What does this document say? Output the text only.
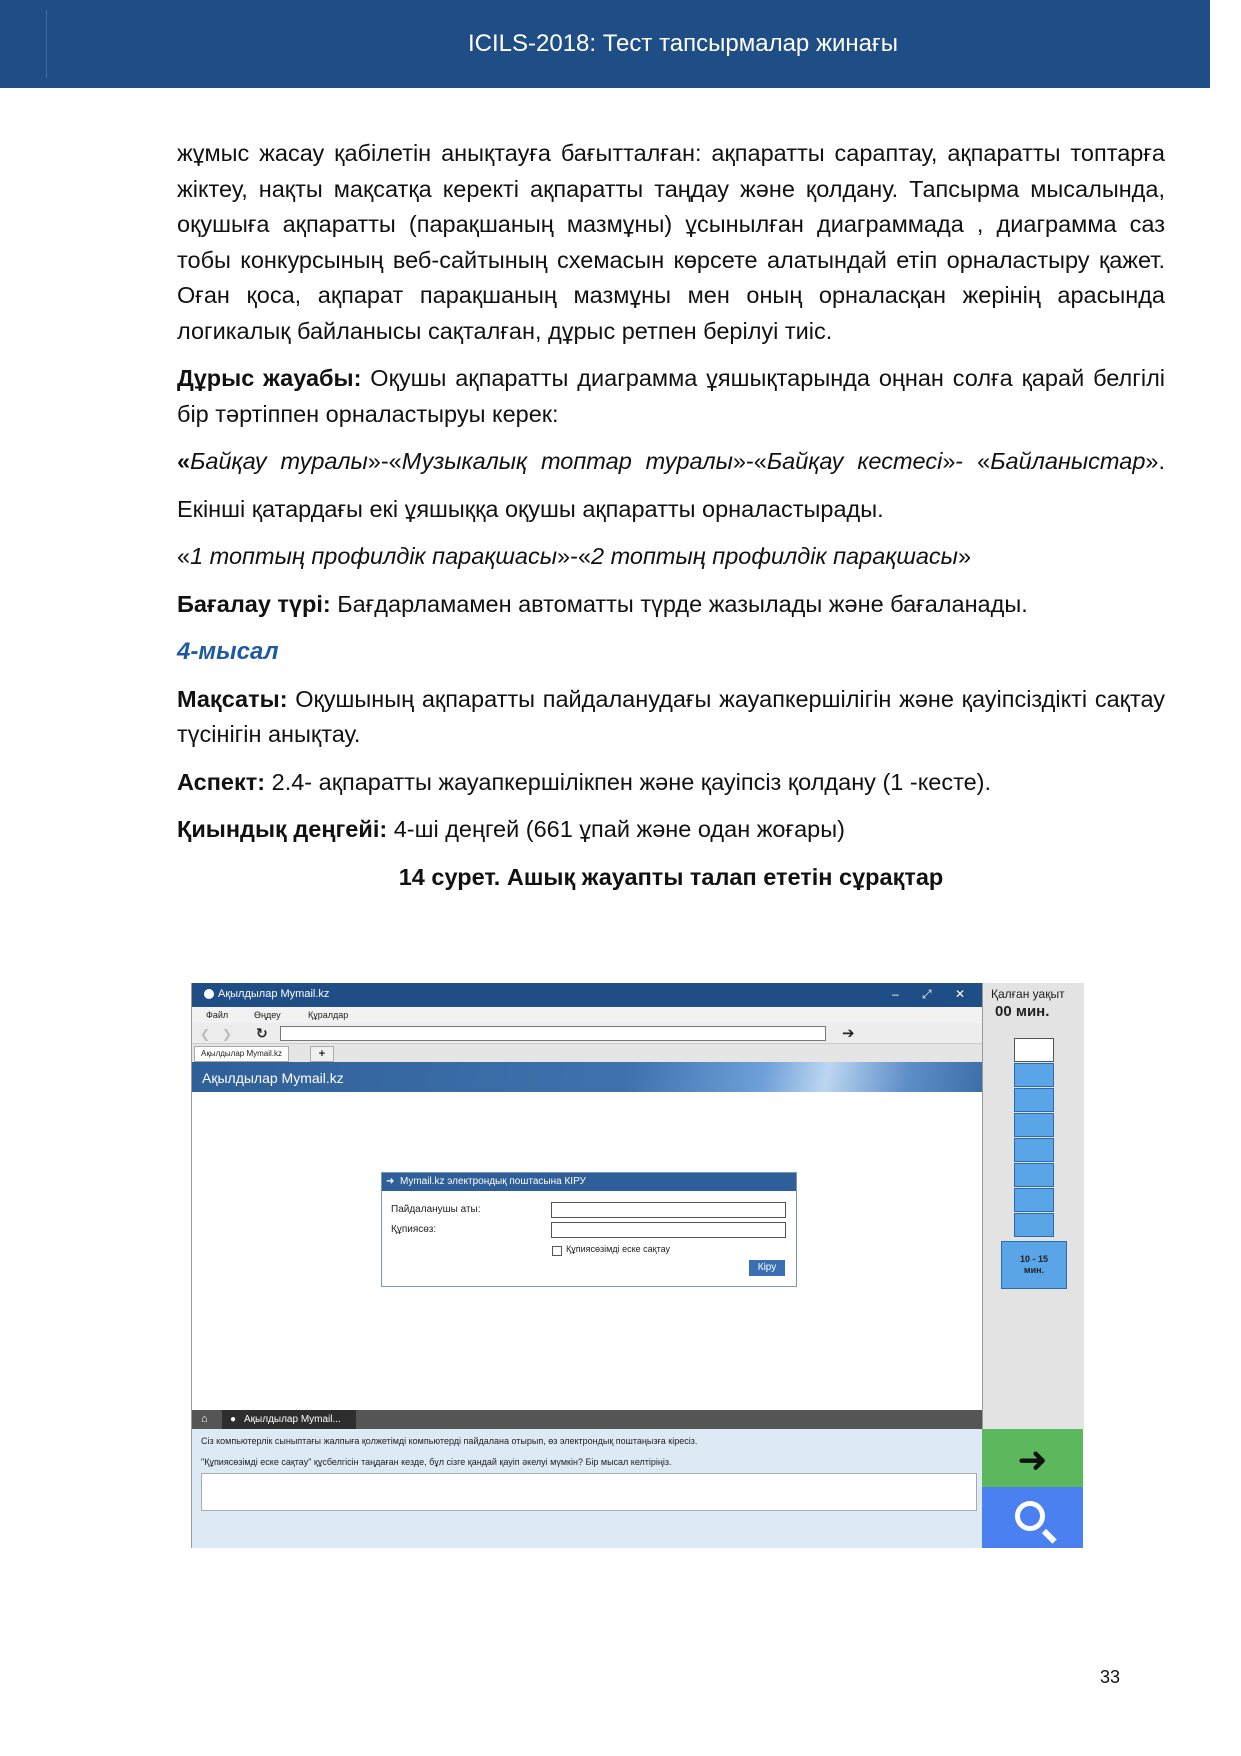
ICILS-2018: Тест тапсырмалар жинағы

жұмыс жасау қабілетін анықтауға бағытталған: ақпаратты сараптау, ақпаратты топтарға жіктеу, нақты мақсатқа керекті ақпаратты таңдау және қолдану. Тапсырма мысалында, оқушыға ақпаратты (парақшаның мазмұны) ұсынылған диаграммада , диаграмма саз тобы конкурсының веб-сайтының схемасын көрсете алатындай етіп орналастыру қажет. Оған қоса, ақпарат парақшаның мазмұны мен оның орналасқан жерінің арасында логикалық байланысы сақталған, дұрыс ретпен берілуі тиіс.

Дұрыс жауабы: Оқушы ақпаратты диаграмма ұяшықтарында оңнан солға қарай белгілі бір тәртіппен орналастыруы керек:

«Байқау туралы»-«Музыкалық топтар туралы»-«Байқау кестесі»- «Байланыстар».

Екінші қатардағы екі ұяшыққа оқушы ақпаратты орналастырады.

«1 топтың профилдік парақшасы»-«2 топтың профилдік парақшасы»

Бағалау түрі: Бағдарламамен автоматты түрде жазылады және бағаланады.

4-мысал

Мақсаты: Оқушының ақпаратты пайдаланудағы жауапкершілігін және қауіпсіздікті сақтау түсінігін анықтау.

Аспект: 2.4- ақпаратты жауапкершілікпен және қауіпсіз қолдану (1 -кесте).

Қиындық деңгейі: 4-ші деңгей (661 ұпай және одан жоғары)

14 сурет. Ашық жауапты талап ететін сұрақтар
Ақылдылар Mymail.kz	– ⤢ ✕
Файл	Өңдеу	Құралдар
❮ ❯ ↻	➔
Ақылдылар Mymail.kz	+
Ақылдылар Mymail.kz
➜ Mymail.kz электрондық поштасына КІРУ
Пайдаланушы аты:
Құпиясөз:
Құпиясөзімді еске сақтау
Кіру
⌂ ● Ақылдылар Mymail...
Қалған уақыт
00 мин.
10 - 15
мин.
Сіз компьютерлік сыныптағы жалпыға қолжетімді компьютерді пайдалана отырып, өз электрондық поштаңызға кіресіз.
"Құпиясөзімді еске сақтау" құсбелгісін таңдаған кезде, бұл сізге қандай қауіп әкелуі мүмкін? Бір мысал келтіріңіз.	➜
33
